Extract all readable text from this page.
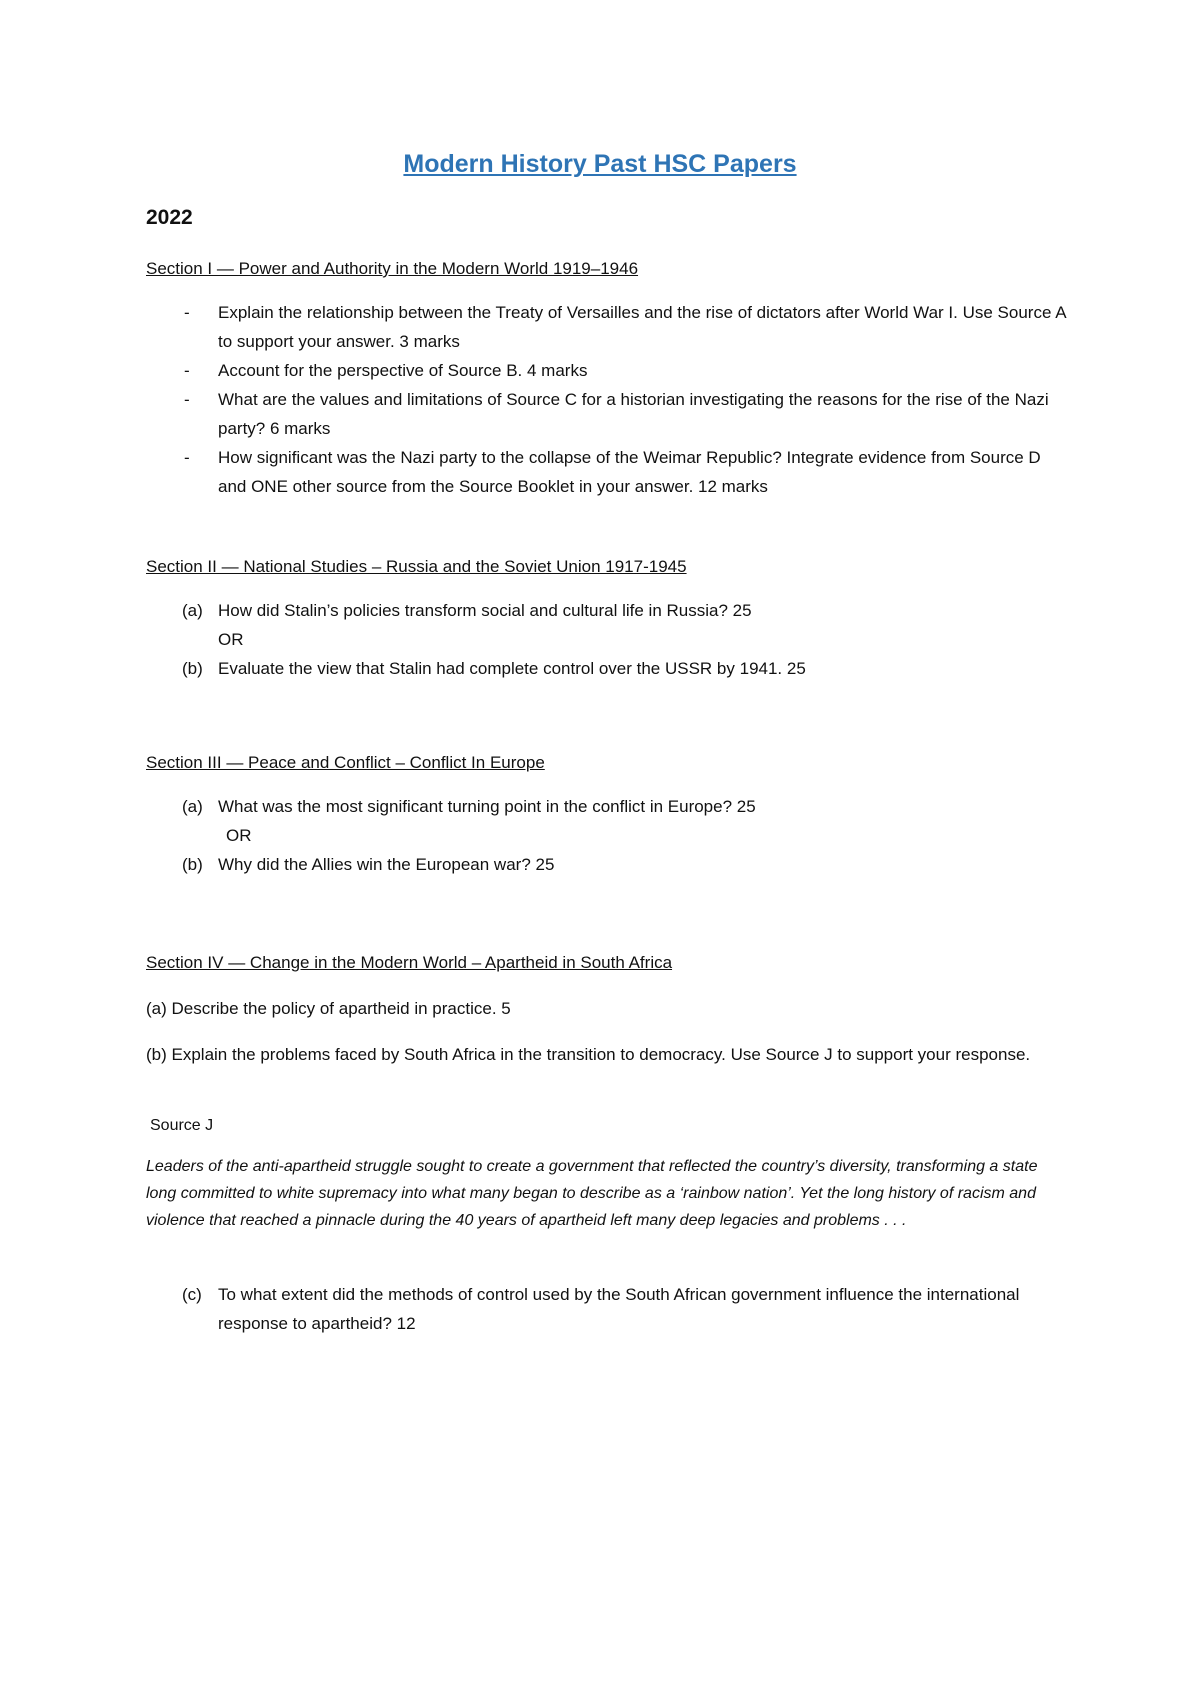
Modern History Past HSC Papers
2022

Section I — Power and Authority in the Modern World 1919–1946

- Explain the relationship between the Treaty of Versailles and the rise of dictators after World War I. Use Source A to support your answer. 3 marks
- Account for the perspective of Source B. 4 marks
- What are the values and limitations of Source C for a historian investigating the reasons for the rise of the Nazi party? 6 marks
- How significant was the Nazi party to the collapse of the Weimar Republic? Integrate evidence from Source D and ONE other source from the Source Booklet in your answer. 12 marks

Section II — National Studies – Russia and the Soviet Union 1917-1945

(a) How did Stalin’s policies transform social and cultural life in Russia? 25
OR
(b) Evaluate the view that Stalin had complete control over the USSR by 1941. 25

Section III — Peace and Conflict – Conflict In Europe

(a) What was the most significant turning point in the conflict in Europe? 25
OR
(b) Why did the Allies win the European war? 25

Section IV — Change in the Modern World – Apartheid in South Africa

(a) Describe the policy of apartheid in practice. 5

(b) Explain the problems faced by South Africa in the transition to democracy. Use Source J to support your response.

Source J

Leaders of the anti-apartheid struggle sought to create a government that reflected the country’s diversity, transforming a state long committed to white supremacy into what many began to describe as a ‘rainbow nation’. Yet the long history of racism and violence that reached a pinnacle during the 40 years of apartheid left many deep legacies and problems . . .

(c) To what extent did the methods of control used by the South African government influence the international response to apartheid? 12
